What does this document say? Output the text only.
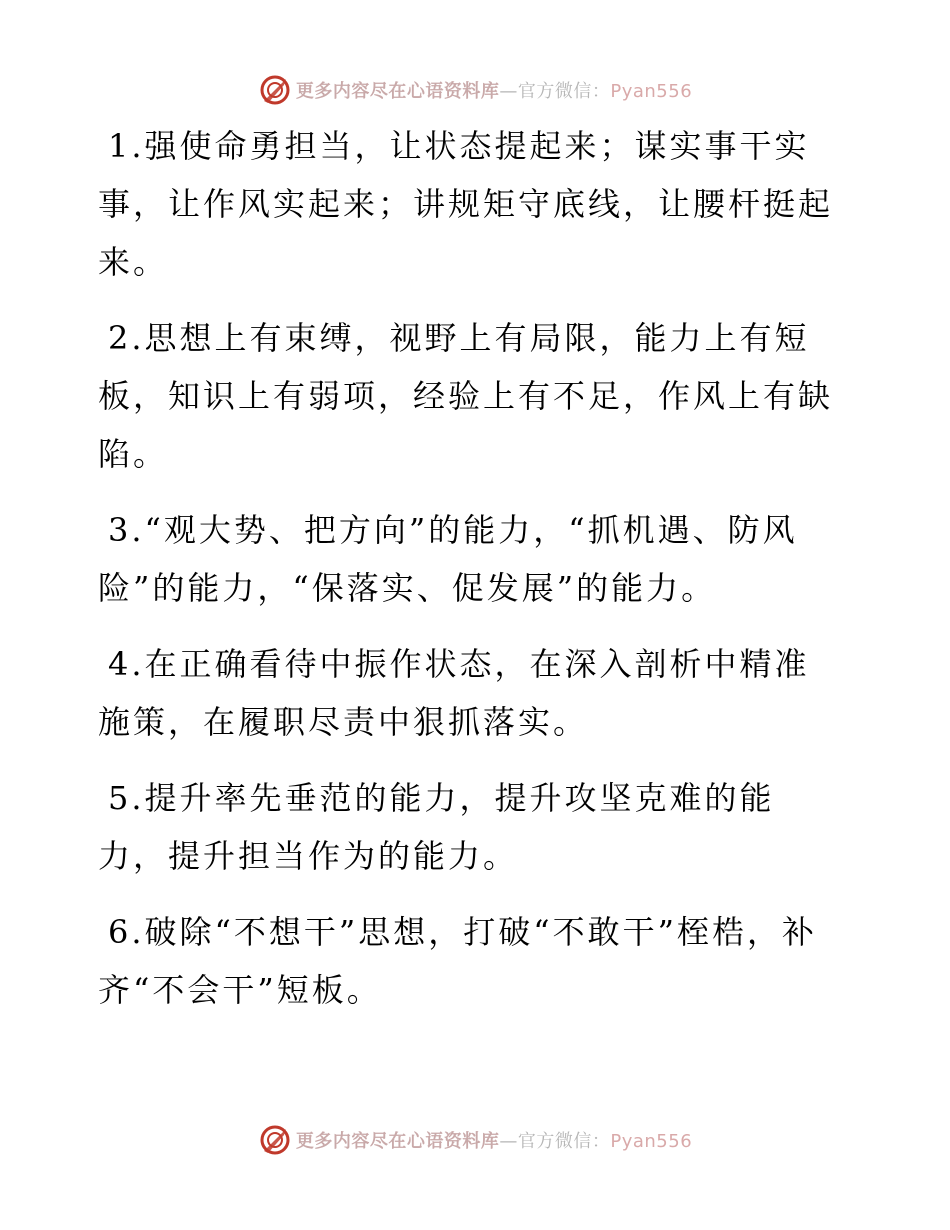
更多内容尽在心语资料库—官方微信：Pyan556

1.强使命勇担当，让状态提起来；谋实事干实事，让作风实起来；讲规矩守底线，让腰杆挺起来。

2.思想上有束缚，视野上有局限，能力上有短板，知识上有弱项，经验上有不足，作风上有缺陷。

3.“观大势、把方向”的能力，“抓机遇、防风险”的能力，“保落实、促发展”的能力。

4.在正确看待中振作状态，在深入剖析中精准施策，在履职尽责中狠抓落实。

5.提升率先垂范的能力，提升攻坚克难的能力，提升担当作为的能力。

6.破除“不想干”思想，打破“不敢干”桎梏，补齐“不会干”短板。

更多内容尽在心语资料库—官方微信：Pyan556
